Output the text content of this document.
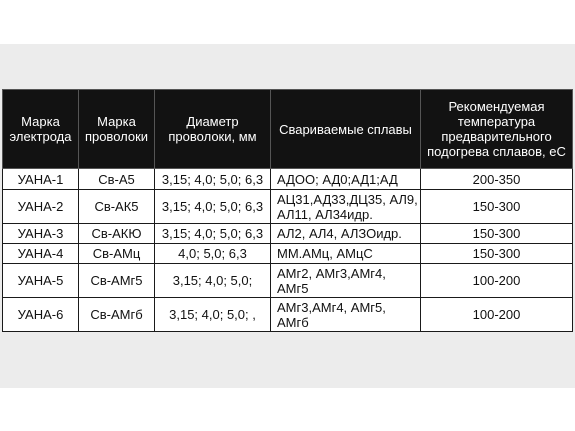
Марка электрода	Марка проволоки	Диаметр проволоки, мм	Свариваемые сплавы	Рекомендуемая температура предварительного подогрева сплавов, еС
УАНА-1	Св-А5	3,15; 4,0; 5,0; 6,3	АДОО; АД0;АД1;АД	200-350
УАНА-2	Св-АК5	3,15; 4,0; 5,0; 6,3	АЦ31,АД33,ДЦ35, АЛ9, АЛ11, АЛ34идр.	150-300
УАНА-3	Св-АКЮ	3,15; 4,0; 5,0; 6,3	АЛ2, АЛ4, АЛЗОидр.	150-300
УАНА-4	Св-АМц	4,0; 5,0; 6,3	ММ.АМц, АМцС	150-300
УАНА-5	Св-АМг5	3,15; 4,0; 5,0;	АМг2, АМг3,АМг4, АМг5	100-200
УАНА-6	Св-АМгб	3,15; 4,0; 5,0; ,	АМг3,АМг4, АМг5, АМгб	100-200
